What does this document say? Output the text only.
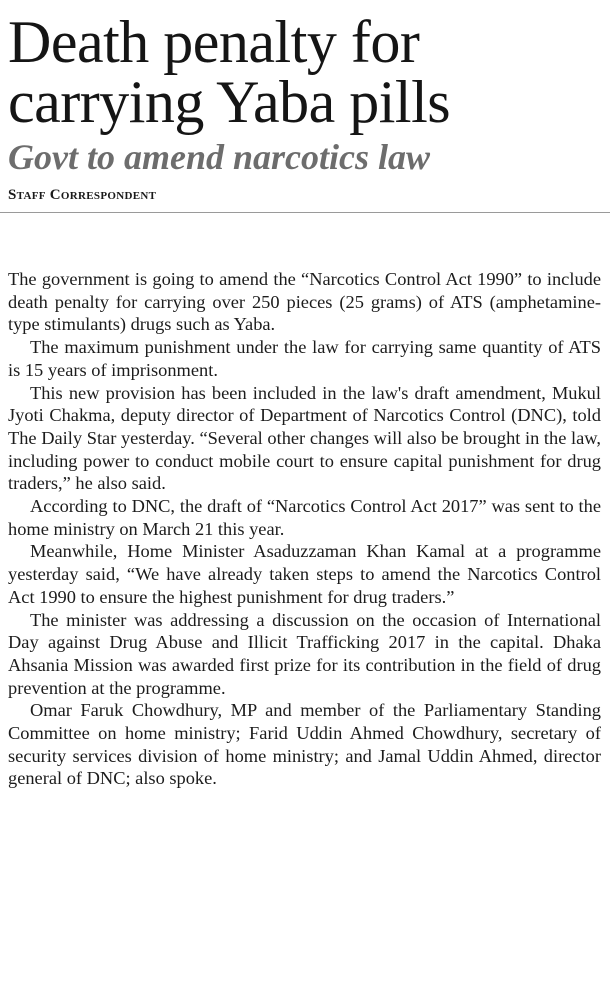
Death penalty for
carrying Yaba pills
Govt to amend narcotics law
Staff Correspondent

The government is going to amend the “Narcotics Control Act 1990” to include death penalty for carrying over 250 pieces (25 grams) of ATS (amphetamine-type stimulants) drugs such as Yaba.

The maximum punishment under the law for carrying same quantity of ATS is 15 years of imprisonment.

This new provision has been included in the law's draft amendment, Mukul Jyoti Chakma, deputy director of Department of Narcotics Control (DNC), told The Daily Star yesterday. “Several other changes will also be brought in the law, including power to conduct mobile court to ensure capital punishment for drug traders,” he also said.

According to DNC, the draft of “Narcotics Control Act 2017” was sent to the home ministry on March 21 this year.

Meanwhile, Home Minister Asaduzzaman Khan Kamal at a programme yesterday said, “We have already taken steps to amend the Narcotics Control Act 1990 to ensure the highest punishment for drug traders.”

The minister was addressing a discussion on the occasion of International Day against Drug Abuse and Illicit Trafficking 2017 in the capital. Dhaka Ahsania Mission was awarded first prize for its contribution in the field of drug prevention at the programme.

Omar Faruk Chowdhury, MP and member of the Parliamentary Standing Committee on home ministry; Farid Uddin Ahmed Chowdhury, secretary of security services division of home ministry; and Jamal Uddin Ahmed, director general of DNC; also spoke.
